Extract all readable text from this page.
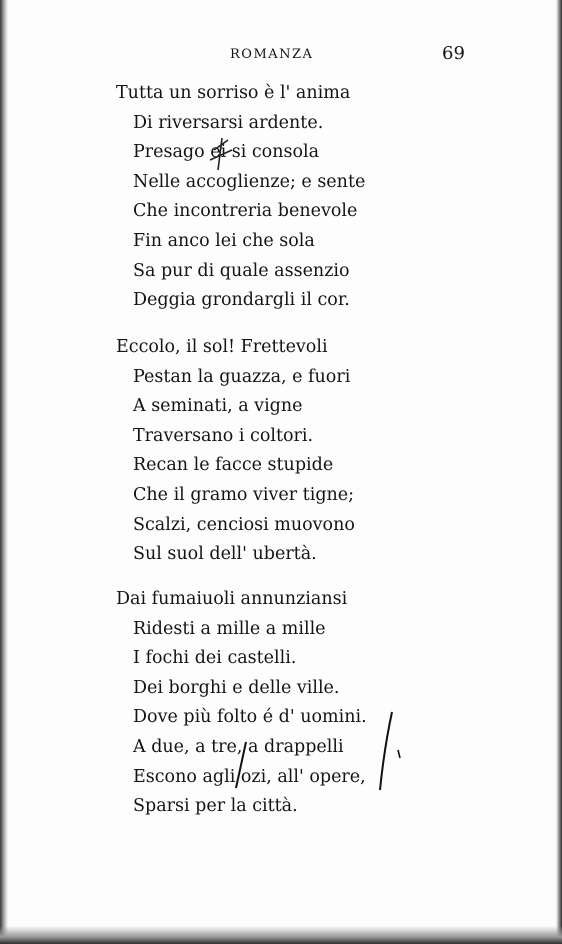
ROMANZA	69
Tutta un sorriso è l' anima
Di riversarsi ardente.
Presago ei si consola
Nelle accoglienze; e sente
Che incontreria benevole
Fin anco lei che sola
Sa pur di quale assenzio
Deggia grondargli il cor.
Eccolo, il sol! Frettevoli
Pestan la guazza, e fuori
A seminati, a vigne
Traversano i coltori.
Recan le facce stupide
Che il gramo viver tigne;
Scalzi, cenciosi muovono
Sul suol dell' ubertà.
Dai fumaiuoli annunziansi
Ridesti a mille a mille
I fochi dei castelli.
Dei borghi e delle ville.
Dove più folto é d' uomini.
A due, a tre, a drappelli
Escono agli ozi, all' opere,
Sparsi per la città.
